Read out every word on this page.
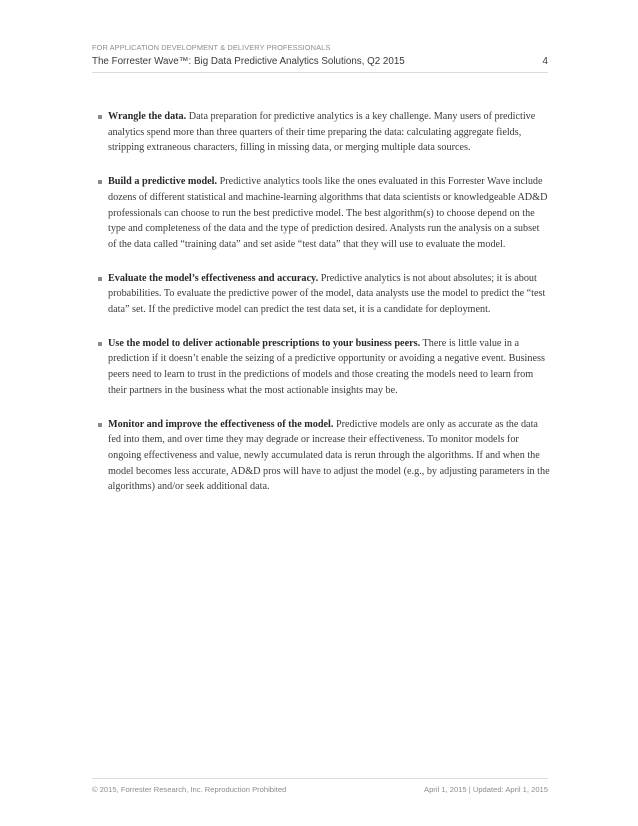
FOR APPLICATION DEVELOPMENT & DELIVERY PROFESSIONALS
The Forrester Wave™: Big Data Predictive Analytics Solutions, Q2 2015	4
Wrangle the data. Data preparation for predictive analytics is a key challenge. Many users of predictive analytics spend more than three quarters of their time preparing the data: calculating aggregate fields, stripping extraneous characters, filling in missing data, or merging multiple data sources.
Build a predictive model. Predictive analytics tools like the ones evaluated in this Forrester Wave include dozens of different statistical and machine-learning algorithms that data scientists or knowledgeable AD&D professionals can choose to run the best predictive model. The best algorithm(s) to choose depend on the type and completeness of the data and the type of prediction desired. Analysts run the analysis on a subset of the data called “training data” and set aside “test data” that they will use to evaluate the model.
Evaluate the model’s effectiveness and accuracy. Predictive analytics is not about absolutes; it is about probabilities. To evaluate the predictive power of the model, data analysts use the model to predict the “test data” set. If the predictive model can predict the test data set, it is a candidate for deployment.
Use the model to deliver actionable prescriptions to your business peers. There is little value in a prediction if it doesn’t enable the seizing of a predictive opportunity or avoiding a negative event. Business peers need to learn to trust in the predictions of models and those creating the models need to learn from their partners in the business what the most actionable insights may be.
Monitor and improve the effectiveness of the model. Predictive models are only as accurate as the data fed into them, and over time they may degrade or increase their effectiveness. To monitor models for ongoing effectiveness and value, newly accumulated data is rerun through the algorithms. If and when the model becomes less accurate, AD&D pros will have to adjust the model (e.g., by adjusting parameters in the algorithms) and/or seek additional data.
© 2015, Forrester Research, Inc. Reproduction Prohibited	April 1, 2015 | Updated: April 1, 2015
